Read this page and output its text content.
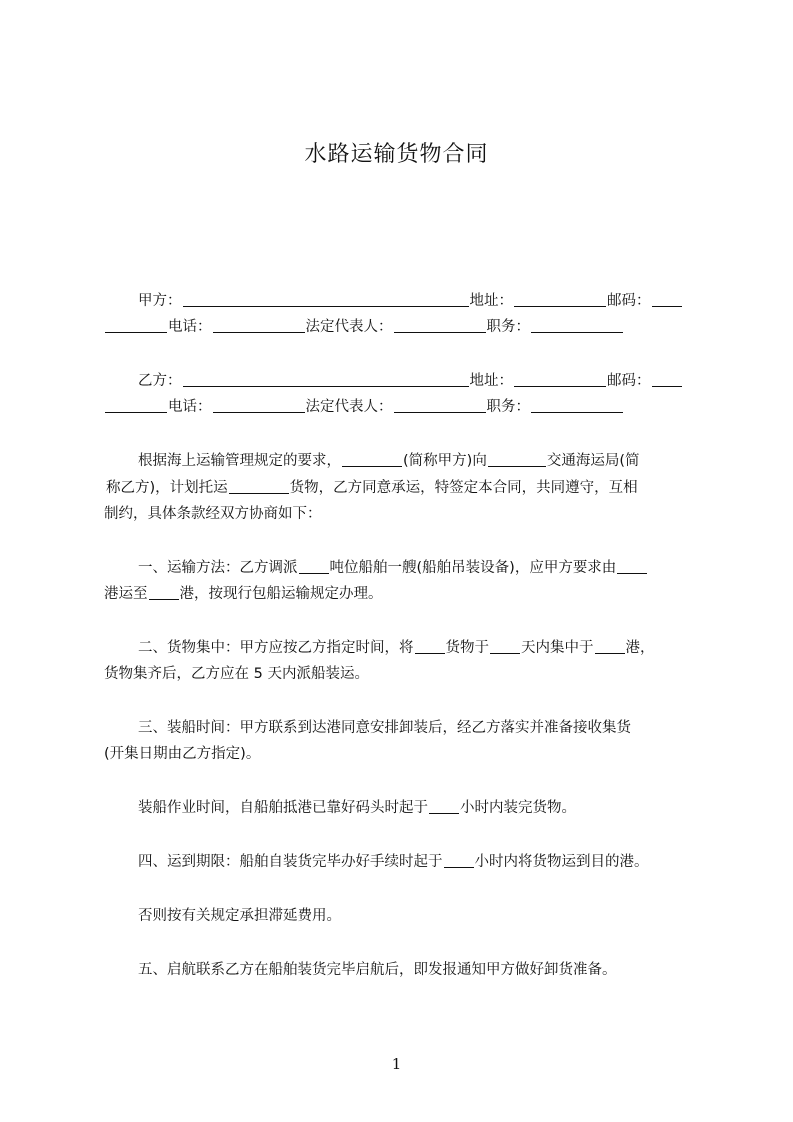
水路运输货物合同
甲方：	地址：	邮码：
电话：	法定代表人：	职务：
乙方：	地址：	邮码：
电话：	法定代表人：	职务：
根据海上运输管理规定的要求，	(简称甲方)向	交通海运局(简
称乙方)，计划托运	货物，乙方同意承运，特签定本合同，共同遵守，互相
制约，具体条款经双方协商如下：
一、运输方法：乙方调派 吨位船舶一艘(船舶吊装设备)，应甲方要求由
港运至 港，按现行包船运输规定办理。
二、货物集中：甲方应按乙方指定时间，将 货物于 天内集中于 港，
货物集齐后，乙方应在 5 天内派船装运。
三、装船时间：甲方联系到达港同意安排卸装后，经乙方落实并准备接收集货
(开集日期由乙方指定)。
装船作业时间，自船舶抵港已靠好码头时起于 小时内装完货物。
四、运到期限：船舶自装货完毕办好手续时起于 小时内将货物运到目的港。
否则按有关规定承担滞延费用。
五、启航联系乙方在船舶装货完毕启航后，即发报通知甲方做好卸货准备。
1
